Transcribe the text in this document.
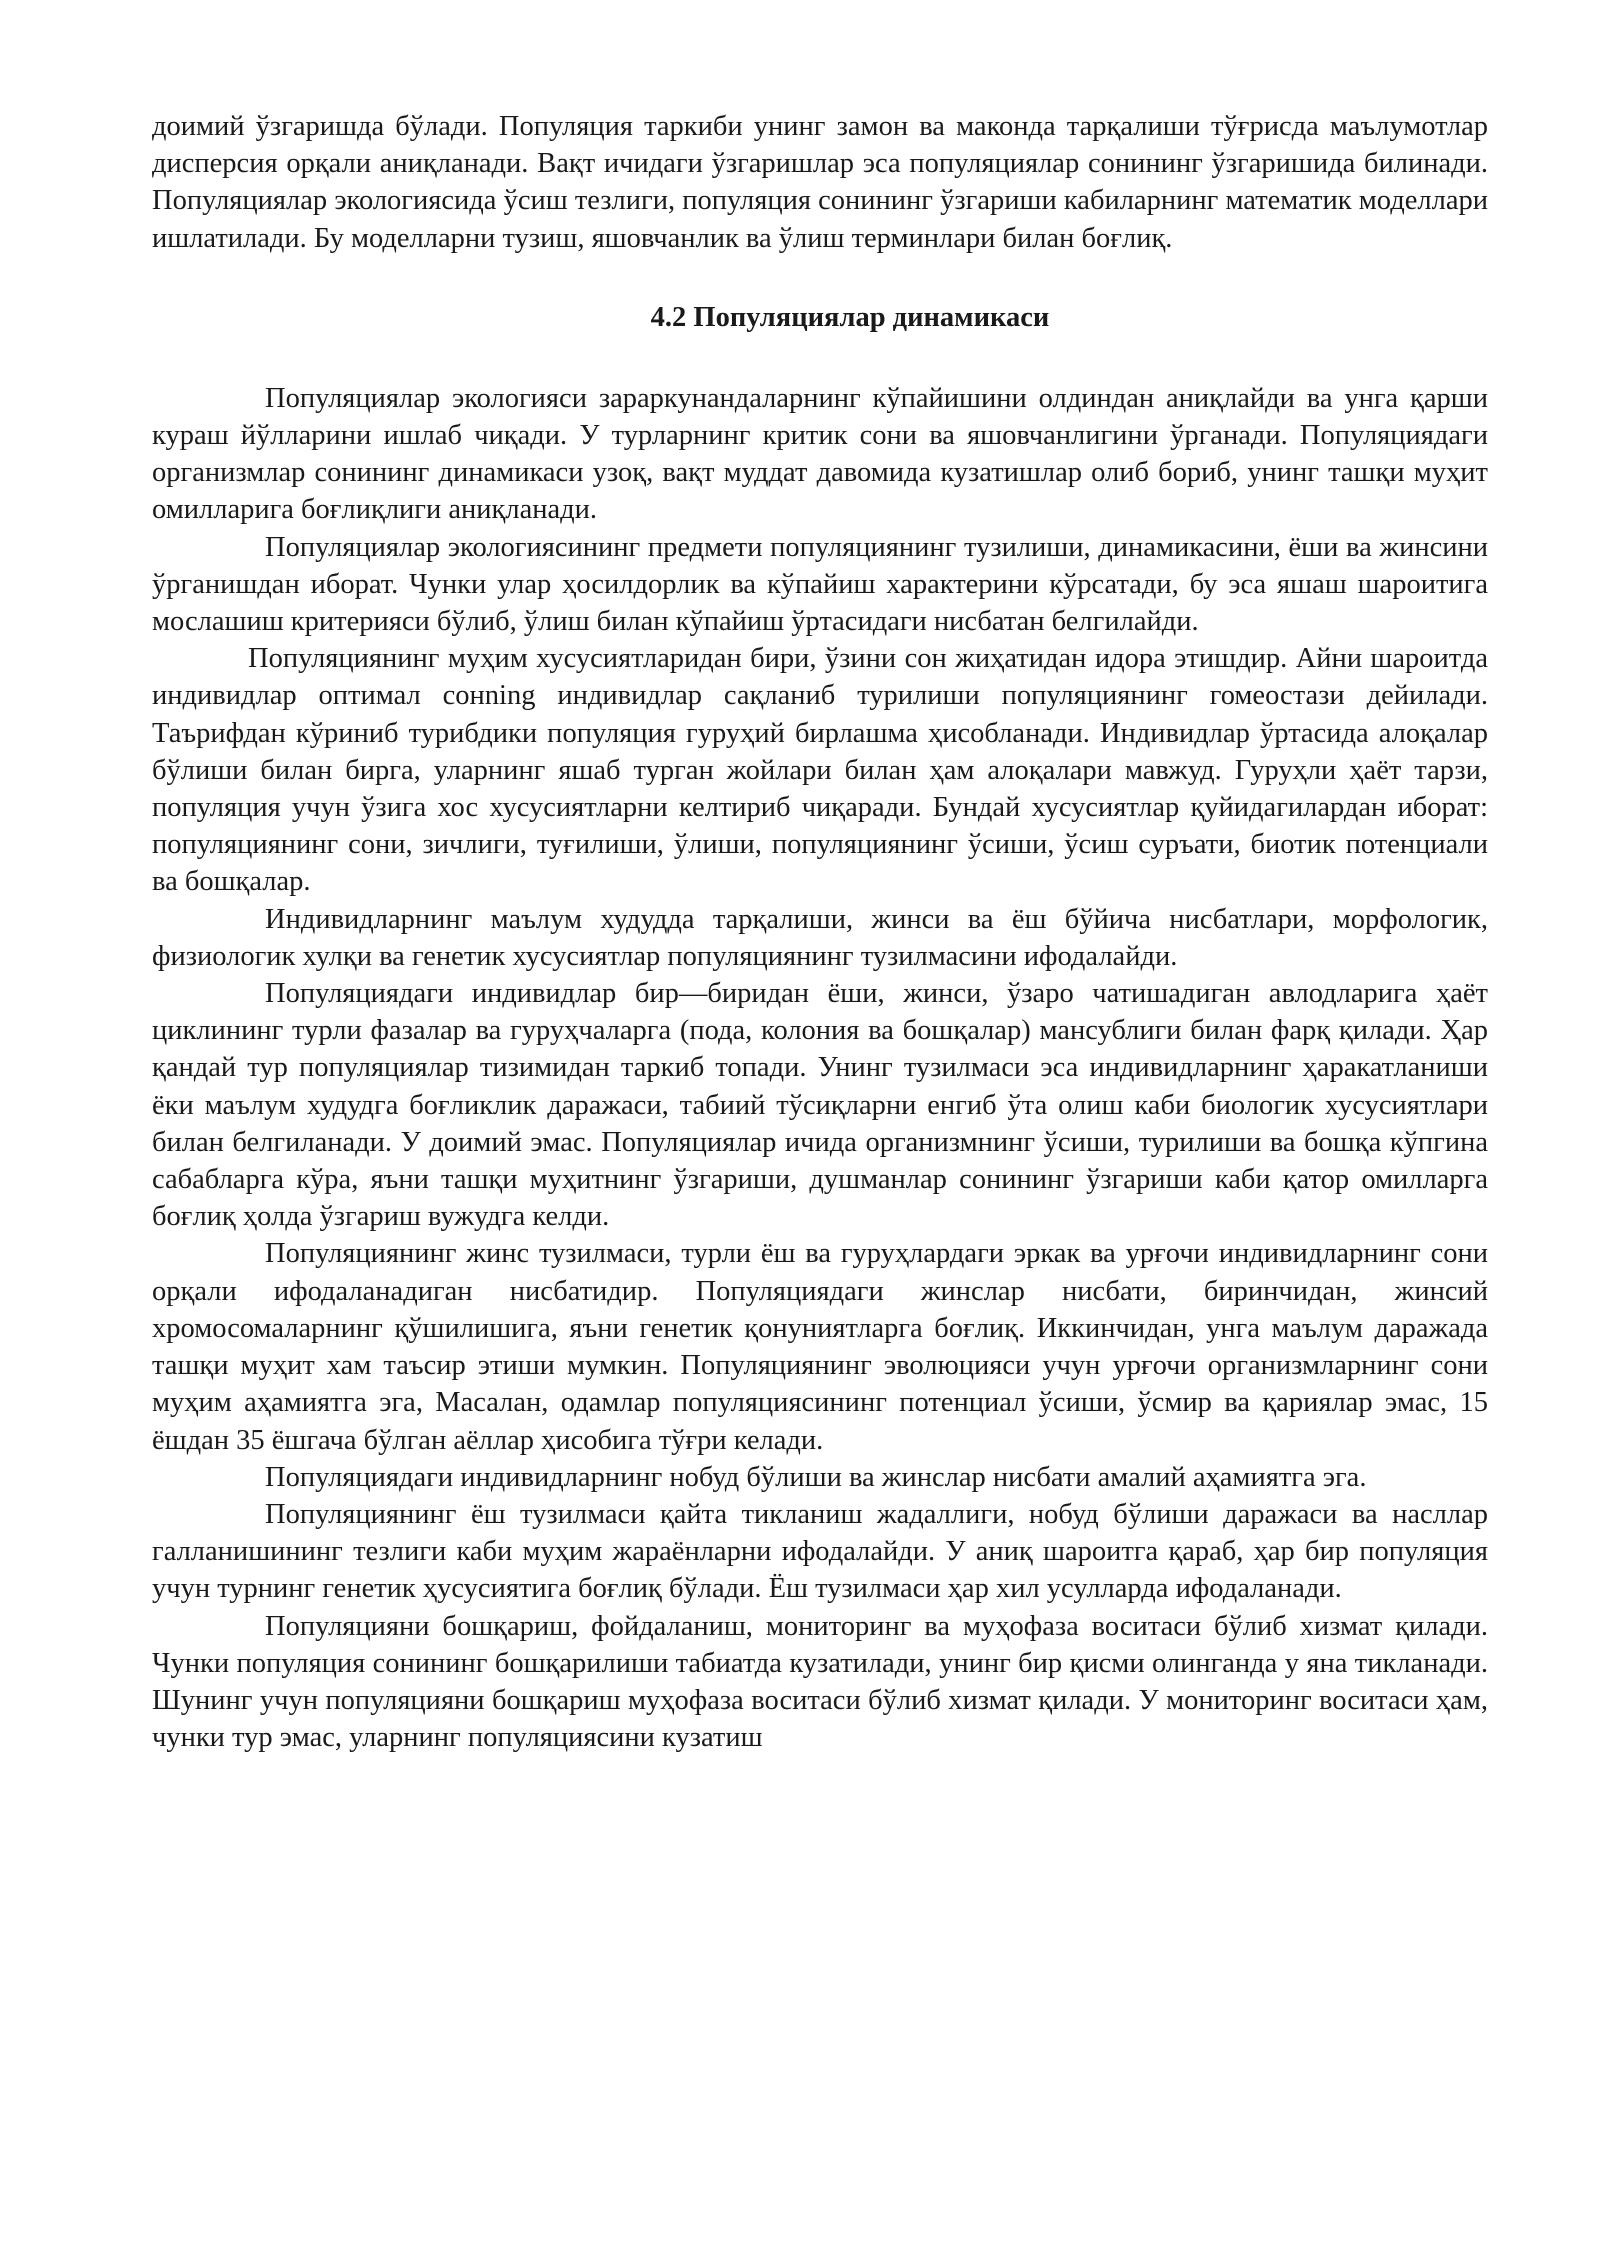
доимий ўзгаришда бўлади. Популяция таркиби унинг замон ва маконда тарқалиши тўғрисда маълумотлар дисперсия орқали аниқланади. Вақт ичидаги ўзгаришлар эса популяциялар сонининг ўзгаришида билинади. Популяциялар экологиясида ўсиш тезлиги, популяция сонининг ўзгариши кабиларнинг математик моделлари ишлатилади. Бу моделларни тузиш, яшовчанлик ва ўлиш терминлари билан боғлиқ.

4.2 Популяциялар динамикаси

Популяциялар экологияси зараркунандаларнинг кўпайишини олдиндан аниқлайди ва унга қарши кураш йўлларини ишлаб чиқади. У турларнинг критик сони ва яшовчанлигини ўрганади. Популяциядаги организмлар сонининг динамикаси узоқ, вақт муддат давомида кузатишлар олиб бориб, унинг ташқи муҳит омилларига боғлиқлиги аниқланади.

Популяциялар экологиясининг предмети популяциянинг тузилиши, динамикасини, ёши ва жинсини ўрганишдан иборат. Чунки улар ҳосилдорлик ва кўпайиш характерини кўрсатади, бу эса яшаш шароитига мослашиш критерияси бўлиб, ўлиш билан кўпайиш ўртасидаги нисбатан белгилайди.

Популяциянинг муҳим хусусиятларидан бири, ўзини сон жиҳатидан идора этишдир. Айни шароитда индивидлар оптимал сонning индивидлар сақланиб турилиши популяциянинг гомеостази дейилади. Таърифдан кўриниб турибдики популяция гуруҳий бирлашма ҳисобланади. Индивидлар ўртасида алоқалар бўлиши билан бирга, уларнинг яшаб турган жойлари билан ҳам алоқалари мавжуд. Гуруҳли ҳаёт тарзи, популяция учун ўзига хос хусусиятларни келтириб чиқаради. Бундай хусусиятлар қуйидагилардан иборат: популяциянинг сони, зичлиги, туғилиши, ўлиши, популяциянинг ўсиши, ўсиш суръати, биотик потенциали ва бошқалар.

Индивидларнинг маълум худудда тарқалиши, жинси ва ёш бўйича нисбатлари, морфологик, физиологик хулқи ва генетик хусусиятлар популяциянинг тузилмасини ифодалайди.

Популяциядаги индивидлар бир—биридан ёши, жинси, ўзаро чатишадиган авлодларига ҳаёт циклининг турли фазалар ва гуруҳчаларга (пода, колония ва бошқалар) мансублиги билан фарқ қилади. Ҳар қандай тур популяциялар тизимидан таркиб топади. Унинг тузилмаси эса индивидларнинг ҳаракатланиши ёки маълум худудга боғликлик даражаси, табиий тўсиқларни енгиб ўта олиш каби биологик хусусиятлари билан белгиланади. У доимий эмас. Популяциялар ичида организмнинг ўсиши, турилиши ва бошқа кўпгина сабабларга кўра, яъни ташқи муҳитнинг ўзгариши, душманлар сонининг ўзгариши каби қатор омилларга боғлиқ ҳолда ўзгариш вужудга келди.

Популяциянинг жинс тузилмаси, турли ёш ва гуруҳлардаги эркак ва урғочи индивидларнинг сони орқали ифодаланадиган нисбатидир. Популяциядаги жинслар нисбати, биринчидан, жинсий хромосомаларнинг қўшилишига, яъни генетик қонуниятларга боғлиқ. Иккинчидан, унга маълум даражада ташқи муҳит хам таъсир этиши мумкин. Популяциянинг эволюцияси учун урғочи организмларнинг сони муҳим аҳамиятга эга, Масалан, одамлар популяциясининг потенциал ўсиши, ўсмир ва қариялар эмас, 15 ёшдан 35 ёшгача бўлган аёллар ҳисобига тўғри келади.

Популяциядаги индивидларнинг нобуд бўлиши ва жинслар нисбати амалий аҳамиятга эга.

Популяциянинг ёш тузилмаси қайта тикланиш жадаллиги, нобуд бўлиши даражаси ва насллар галланишининг тезлиги каби муҳим жараёнларни ифодалайди. У аниқ шароитга қараб, ҳар бир популяция учун турнинг генетик ҳусусиятига боғлиқ бўлади. Ёш тузилмаси ҳар хил усулларда ифодаланади.

Популяцияни бошқариш, фойдаланиш, мониторинг ва муҳофаза воситаси бўлиб хизмат қилади. Чунки популяция сонининг бошқарилиши табиатда кузатилади, унинг бир қисми олинганда у яна тикланади. Шунинг учун популяцияни бошқариш муҳофаза воситаси бўлиб хизмат қилади. У мониторинг воситаси ҳам, чунки тур эмас, уларнинг популяциясини кузатиш
